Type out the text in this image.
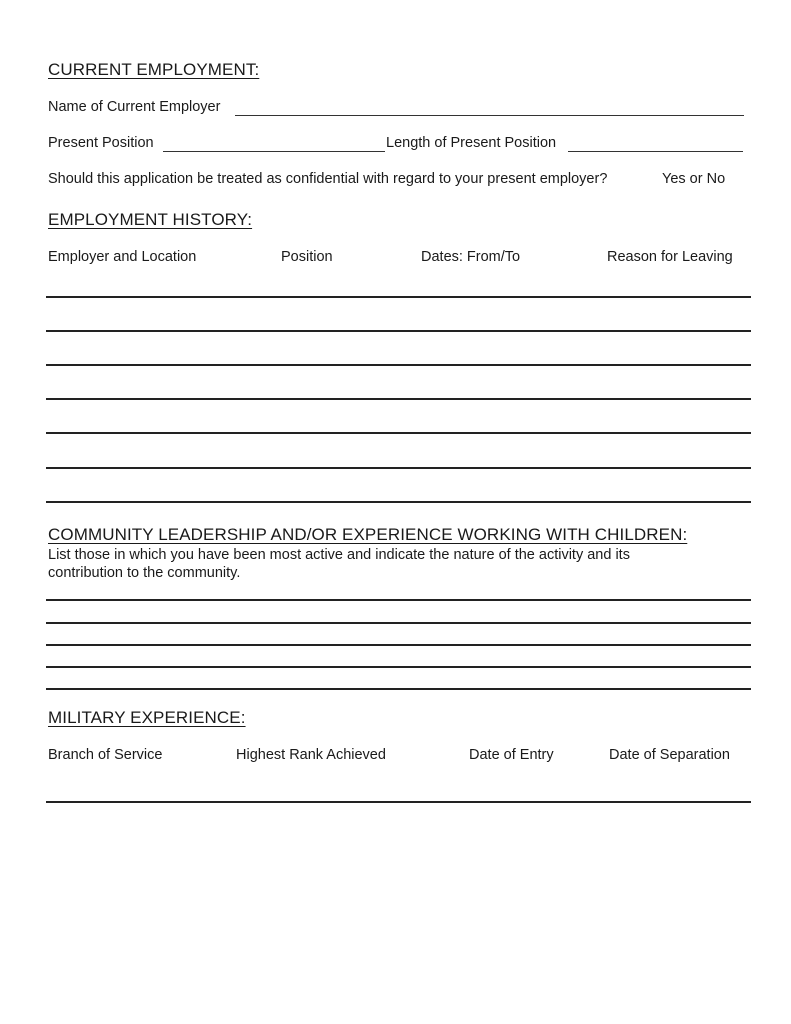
CURRENT EMPLOYMENT:
Name of Current Employer
Present Position	Length of Present Position
Should this application be treated as confidential with regard to your present employer?	Yes or No
EMPLOYMENT HISTORY:
Employer and Location	Position	Dates: From/To	Reason for Leaving
COMMUNITY LEADERSHIP AND/OR EXPERIENCE WORKING WITH CHILDREN:
List those in which you have been most active and indicate the nature of the activity and its contribution to the community.
MILITARY EXPERIENCE:
Branch of Service	Highest Rank Achieved	Date of Entry	Date of Separation
